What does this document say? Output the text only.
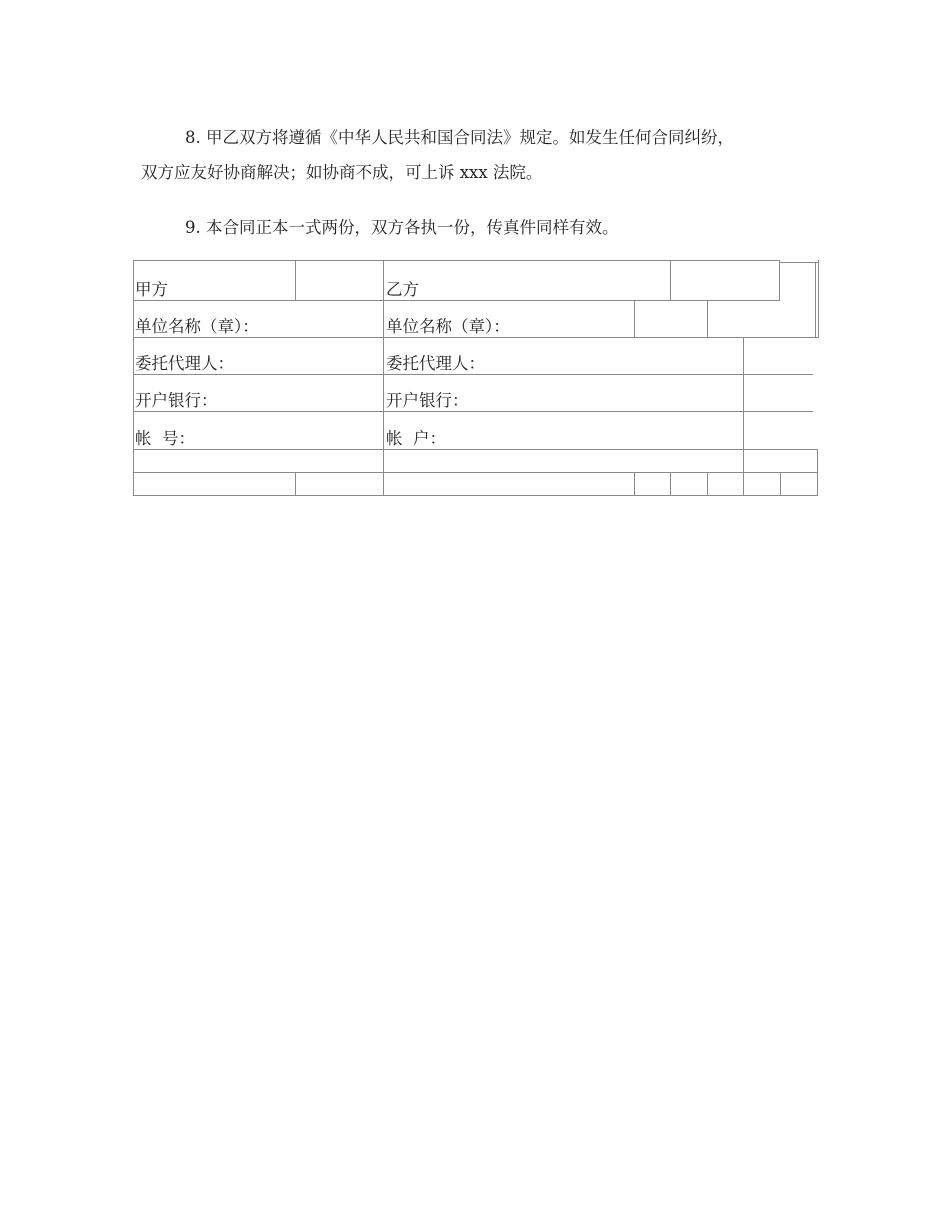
8. 甲乙双方将遵循《中华人民共和国合同法》规定。如发生任何合同纠纷，

双方应友好协商解决；如协商不成，可上诉 xxx 法院。

9. 本合同正本一式两份，双方各执一份，传真件同样有效。

甲方	乙方
单位名称（章）：	单位名称（章）：
委托代理人：	委托代理人：
开户银行：	开户银行：
帐  号：	帐  户：
